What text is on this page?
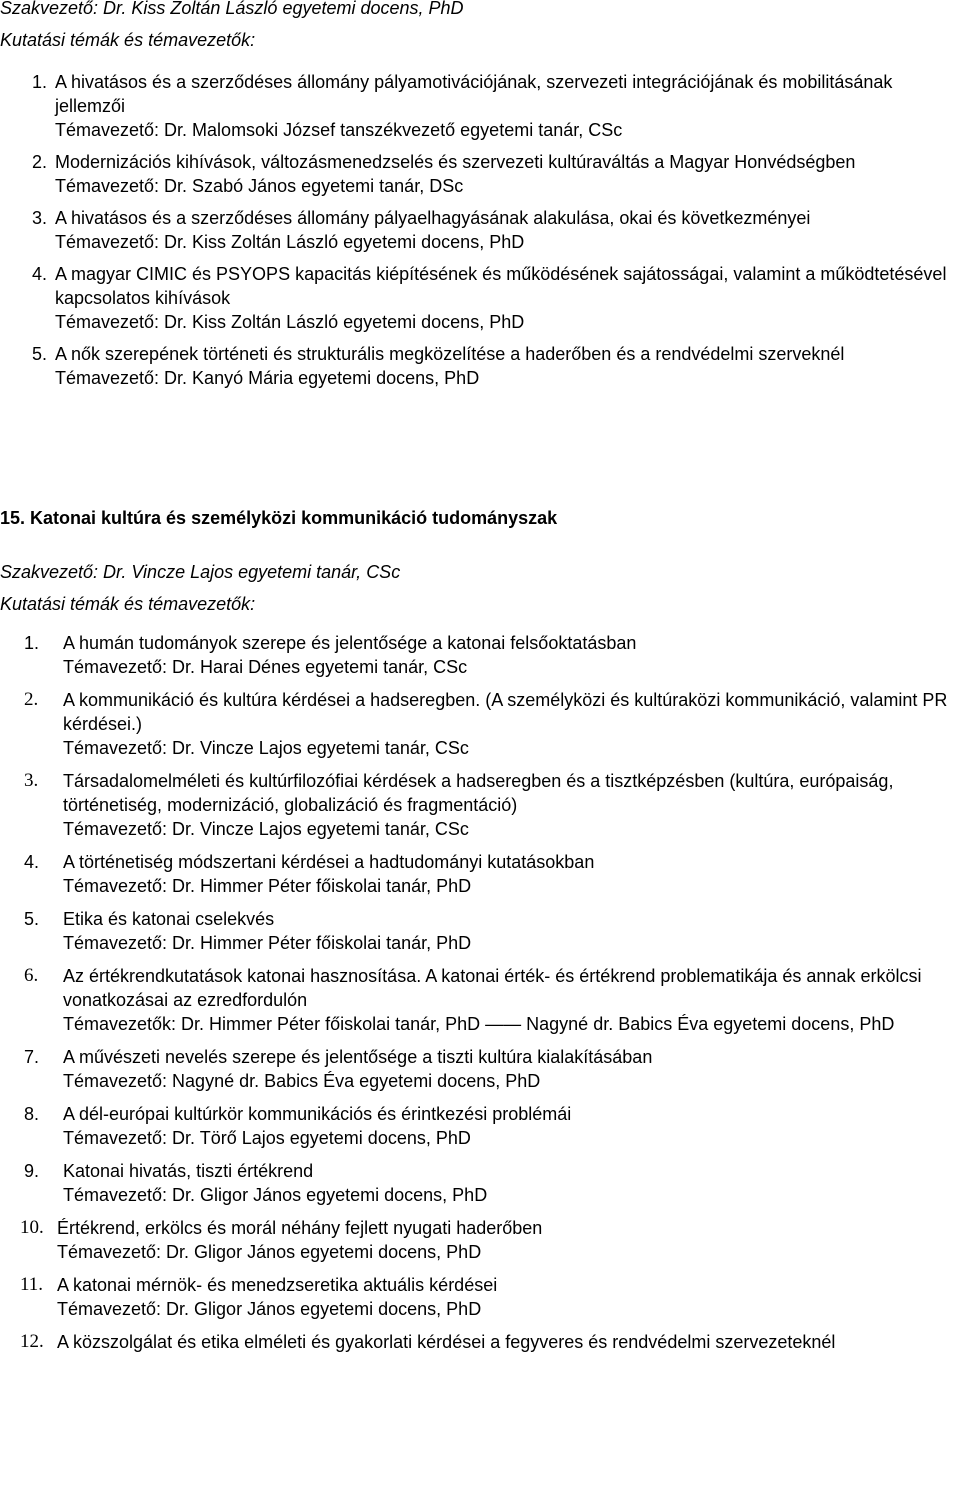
Szakvezető: Dr. Kiss Zoltán László egyetemi docens, PhD

Kutatási témák és témavezetők:

1. A hivatásos és a szerződéses állomány pályamotivációjának, szervezeti integrációjának és mobilitásának jellemzői
Témavezető: Dr. Malomsoki József tanszékvezető egyetemi tanár, CSc
2. Modernizációs kihívások, változásmenedzselés és szervezeti kultúraváltás a Magyar Honvédségben
Témavezető: Dr. Szabó János egyetemi tanár, DSc
3. A hivatásos és a szerződéses állomány pályaelhagyásának alakulása, okai és következményei
Témavezető: Dr. Kiss Zoltán László egyetemi docens, PhD
4. A magyar CIMIC és PSYOPS kapacitás kiépítésének és működésének sajátosságai, valamint a működtetésével kapcsolatos kihívások
Témavezető: Dr. Kiss Zoltán László egyetemi docens, PhD
5. A nők szerepének történeti és strukturális megközelítése a haderőben és a rendvédelmi szerveknél
Témavezető: Dr. Kanyó Mária egyetemi docens, PhD

15. Katonai kultúra és személyközi kommunikáció tudományszak

Szakvezető: Dr. Vincze Lajos egyetemi tanár, CSc

Kutatási témák és témavezetők:

1. A humán tudományok szerepe és jelentősége a katonai felsőoktatásban
Témavezető: Dr. Harai Dénes egyetemi tanár, CSc
2. A kommunikáció és kultúra kérdései a hadseregben. (A személyközi és kultúraközi kommunikáció, valamint PR kérdései.)
Témavezető: Dr. Vincze Lajos egyetemi tanár, CSc
3. Társadalomelméleti és kultúrfilozófiai kérdések a hadseregben és a tisztképzésben (kultúra, európaiság, történetiség, modernizáció, globalizáció és fragmentáció)
Témavezető: Dr. Vincze Lajos egyetemi tanár, CSc
4. A történetiség módszertani kérdései a hadtudományi kutatásokban
Témavezető: Dr. Himmer Péter főiskolai tanár, PhD
5. Etika és katonai cselekvés
Témavezető: Dr. Himmer Péter főiskolai tanár, PhD
6. Az értékrendkutatások katonai hasznosítása. A katonai érték- és értékrend problematikája és annak erkölcsi vonatkozásai az ezredfordulón
Témavezetők: Dr. Himmer Péter főiskolai tanár, PhD —— Nagyné dr. Babics Éva egyetemi docens, PhD
7. A művészeti nevelés szerepe és jelentősége a tiszti kultúra kialakításában
Témavezető: Nagyné dr. Babics Éva egyetemi docens, PhD
8. A dél-európai kultúrkör kommunikációs és érintkezési problémái
Témavezető: Dr. Törő Lajos egyetemi docens, PhD
9. Katonai hivatás, tiszti értékrend
Témavezető: Dr. Gligor János egyetemi docens, PhD
10. Értékrend, erkölcs és morál néhány fejlett nyugati haderőben
Témavezető: Dr. Gligor János egyetemi docens, PhD
11. A katonai mérnök- és menedzseretika aktuális kérdései
Témavezető: Dr. Gligor János egyetemi docens, PhD
12. A közszolgálat és etika elméleti és gyakorlati kérdései a fegyveres és rendvédelmi szervezeteknél
